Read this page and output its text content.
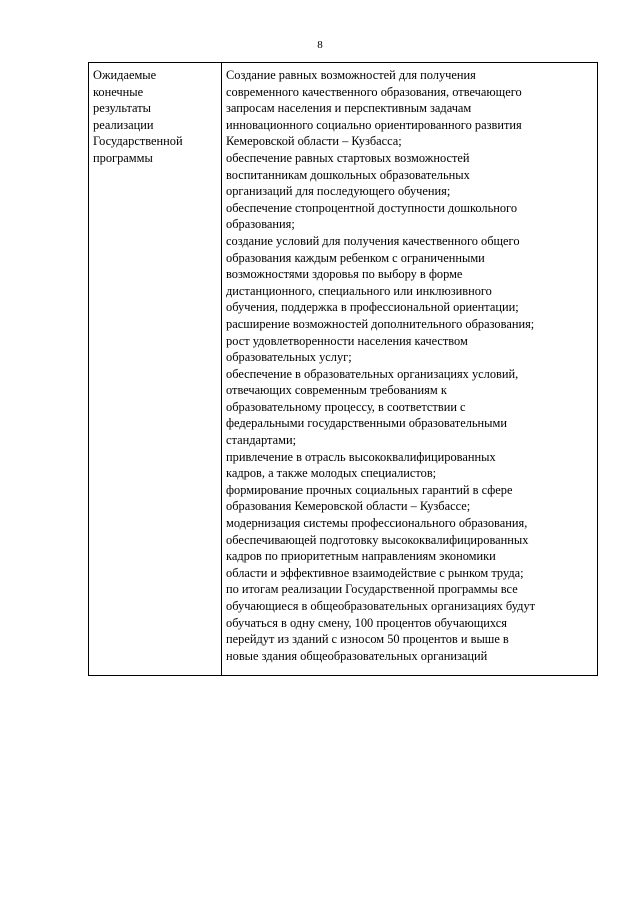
8
Ожидаемые
конечные
результаты
реализации
Государственной
программы

Создание равных возможностей для получения
современного качественного образования, отвечающего
запросам населения и перспективным задачам
инновационного социально ориентированного развития
Кемеровской области – Кузбасса;
обеспечение равных стартовых возможностей
воспитанникам дошкольных образовательных
организаций для последующего обучения;
обеспечение стопроцентной доступности дошкольного
образования;
создание условий для получения качественного общего
образования каждым ребенком с ограниченными
возможностями здоровья по выбору в форме
дистанционного, специального или инклюзивного
обучения, поддержка в профессиональной ориентации;
расширение возможностей дополнительного образования;
рост удовлетворенности населения качеством
образовательных услуг;
обеспечение в образовательных организациях условий,
отвечающих современным требованиям к
образовательному процессу, в соответствии с
федеральными государственными образовательными
стандартами;
привлечение в отрасль высококвалифицированных
кадров, а также молодых специалистов;
формирование прочных социальных гарантий в сфере
образования Кемеровской области – Кузбассе;
модернизация системы профессионального образования,
обеспечивающей подготовку высококвалифицированных
кадров по приоритетным направлениям экономики
области и эффективное взаимодействие с рынком труда;
по итогам реализации Государственной программы все
обучающиеся в общеобразовательных организациях будут
обучаться в одну смену, 100 процентов обучающихся
перейдут из зданий с износом 50 процентов и выше в
новые здания общеобразовательных организаций
